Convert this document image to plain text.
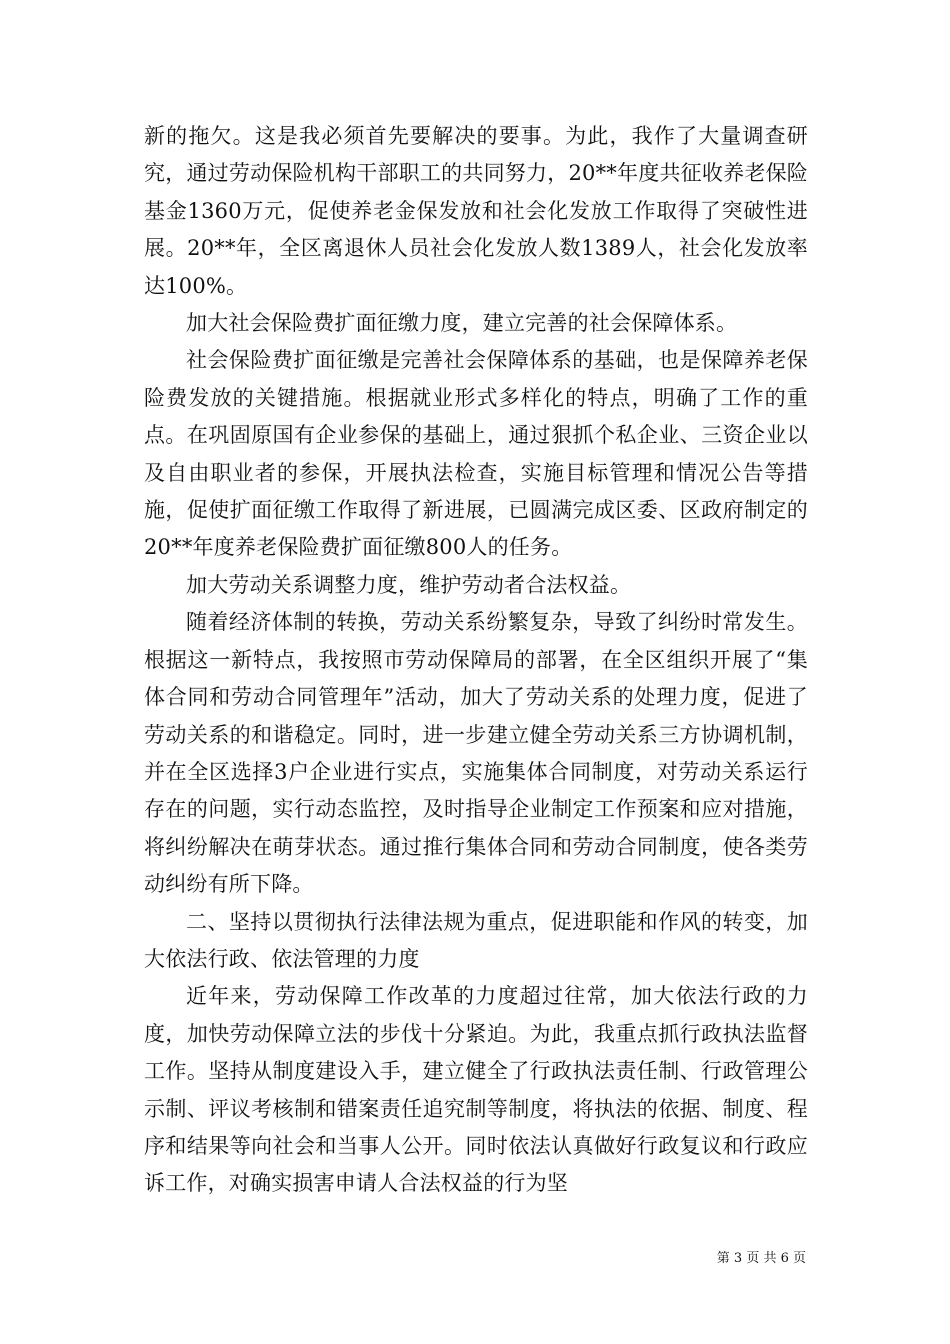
新的拖欠。这是我必须首先要解决的要事。为此，我作了大量调查研究，通过劳动保险机构干部职工的共同努力，20**年度共征收养老保险基金1360万元，促使养老金保发放和社会化发放工作取得了突破性进展。20**年，全区离退休人员社会化发放人数1389人，社会化发放率达100%。

加大社会保险费扩面征缴力度，建立完善的社会保障体系。

社会保险费扩面征缴是完善社会保障体系的基础，也是保障养老保险费发放的关键措施。根据就业形式多样化的特点，明确了工作的重点。在巩固原国有企业参保的基础上，通过狠抓个私企业、三资企业以及自由职业者的参保，开展执法检查，实施目标管理和情况公告等措施，促使扩面征缴工作取得了新进展，已圆满完成区委、区政府制定的20**年度养老保险费扩面征缴800人的任务。

加大劳动关系调整力度，维护劳动者合法权益。

随着经济体制的转换，劳动关系纷繁复杂，导致了纠纷时常发生。根据这一新特点，我按照市劳动保障局的部署，在全区组织开展了“集体合同和劳动合同管理年”活动，加大了劳动关系的处理力度，促进了劳动关系的和谐稳定。同时，进一步建立健全劳动关系三方协调机制，并在全区选择3户企业进行实点，实施集体合同制度，对劳动关系运行存在的问题，实行动态监控，及时指导企业制定工作预案和应对措施，将纠纷解决在萌芽状态。通过推行集体合同和劳动合同制度，使各类劳动纠纷有所下降。

二、坚持以贯彻执行法律法规为重点，促进职能和作风的转变，加大依法行政、依法管理的力度

近年来，劳动保障工作改革的力度超过往常，加大依法行政的力度，加快劳动保障立法的步伐十分紧迫。为此，我重点抓行政执法监督工作。坚持从制度建设入手，建立健全了行政执法责任制、行政管理公示制、评议考核制和错案责任追究制等制度，将执法的依据、制度、程序和结果等向社会和当事人公开。同时依法认真做好行政复议和行政应诉工作，对确实损害申请人合法权益的行为坚

第 3 页 共 6 页
